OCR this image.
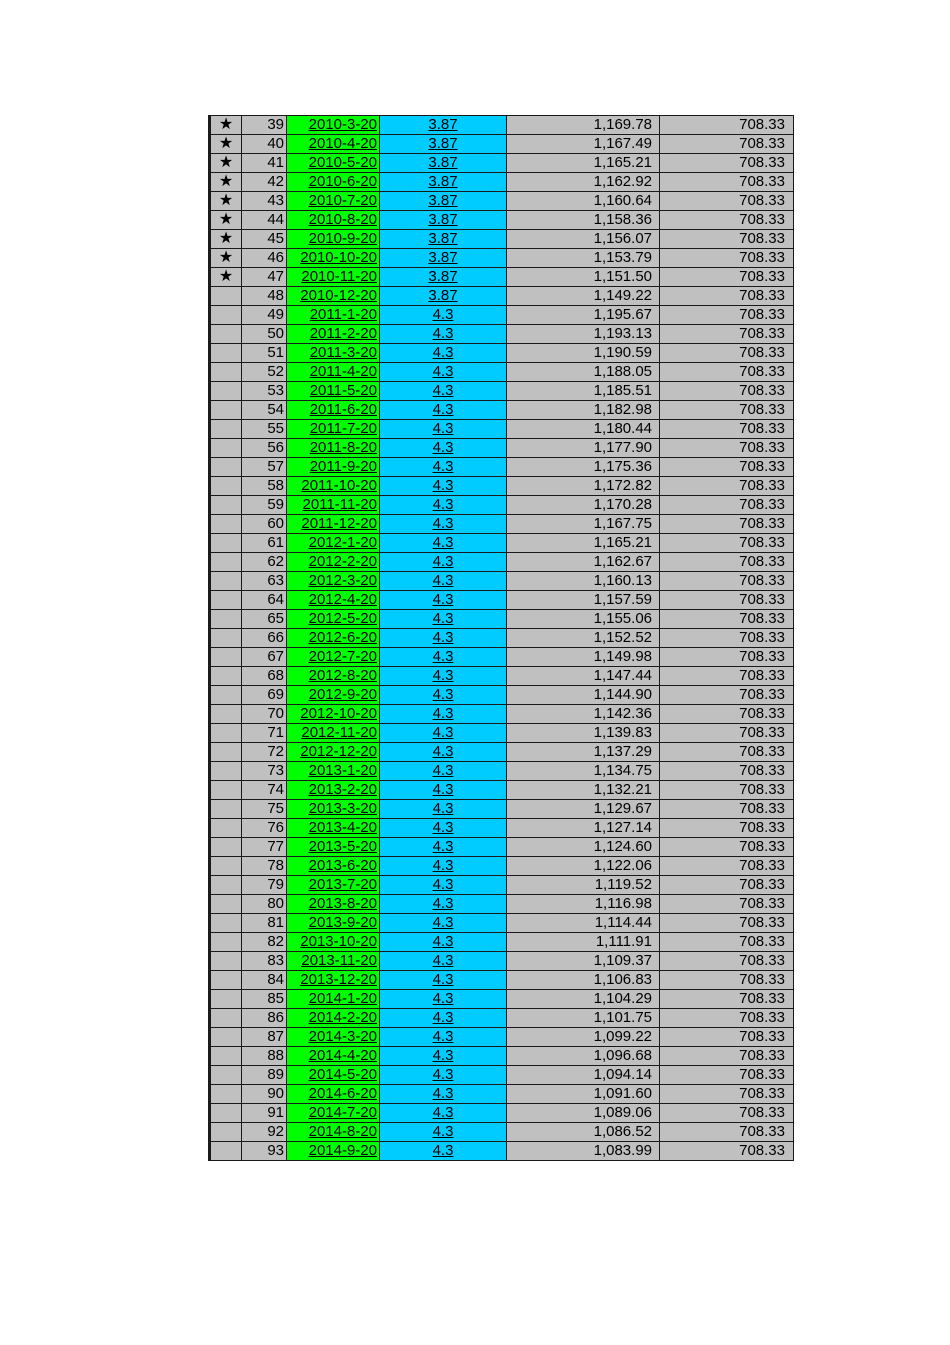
★	39	2010-3-20	3.87	1,169.78	708.33
★	40	2010-4-20	3.87	1,167.49	708.33
★	41	2010-5-20	3.87	1,165.21	708.33
★	42	2010-6-20	3.87	1,162.92	708.33
★	43	2010-7-20	3.87	1,160.64	708.33
★	44	2010-8-20	3.87	1,158.36	708.33
★	45	2010-9-20	3.87	1,156.07	708.33
★	46	2010-10-20	3.87	1,153.79	708.33
★	47	2010-11-20	3.87	1,151.50	708.33
	48	2010-12-20	3.87	1,149.22	708.33
	49	2011-1-20	4.3	1,195.67	708.33
	50	2011-2-20	4.3	1,193.13	708.33
	51	2011-3-20	4.3	1,190.59	708.33
	52	2011-4-20	4.3	1,188.05	708.33
	53	2011-5-20	4.3	1,185.51	708.33
	54	2011-6-20	4.3	1,182.98	708.33
	55	2011-7-20	4.3	1,180.44	708.33
	56	2011-8-20	4.3	1,177.90	708.33
	57	2011-9-20	4.3	1,175.36	708.33
	58	2011-10-20	4.3	1,172.82	708.33
	59	2011-11-20	4.3	1,170.28	708.33
	60	2011-12-20	4.3	1,167.75	708.33
	61	2012-1-20	4.3	1,165.21	708.33
	62	2012-2-20	4.3	1,162.67	708.33
	63	2012-3-20	4.3	1,160.13	708.33
	64	2012-4-20	4.3	1,157.59	708.33
	65	2012-5-20	4.3	1,155.06	708.33
	66	2012-6-20	4.3	1,152.52	708.33
	67	2012-7-20	4.3	1,149.98	708.33
	68	2012-8-20	4.3	1,147.44	708.33
	69	2012-9-20	4.3	1,144.90	708.33
	70	2012-10-20	4.3	1,142.36	708.33
	71	2012-11-20	4.3	1,139.83	708.33
	72	2012-12-20	4.3	1,137.29	708.33
	73	2013-1-20	4.3	1,134.75	708.33
	74	2013-2-20	4.3	1,132.21	708.33
	75	2013-3-20	4.3	1,129.67	708.33
	76	2013-4-20	4.3	1,127.14	708.33
	77	2013-5-20	4.3	1,124.60	708.33
	78	2013-6-20	4.3	1,122.06	708.33
	79	2013-7-20	4.3	1,119.52	708.33
	80	2013-8-20	4.3	1,116.98	708.33
	81	2013-9-20	4.3	1,114.44	708.33
	82	2013-10-20	4.3	1,111.91	708.33
	83	2013-11-20	4.3	1,109.37	708.33
	84	2013-12-20	4.3	1,106.83	708.33
	85	2014-1-20	4.3	1,104.29	708.33
	86	2014-2-20	4.3	1,101.75	708.33
	87	2014-3-20	4.3	1,099.22	708.33
	88	2014-4-20	4.3	1,096.68	708.33
	89	2014-5-20	4.3	1,094.14	708.33
	90	2014-6-20	4.3	1,091.60	708.33
	91	2014-7-20	4.3	1,089.06	708.33
	92	2014-8-20	4.3	1,086.52	708.33
	93	2014-9-20	4.3	1,083.99	708.33
